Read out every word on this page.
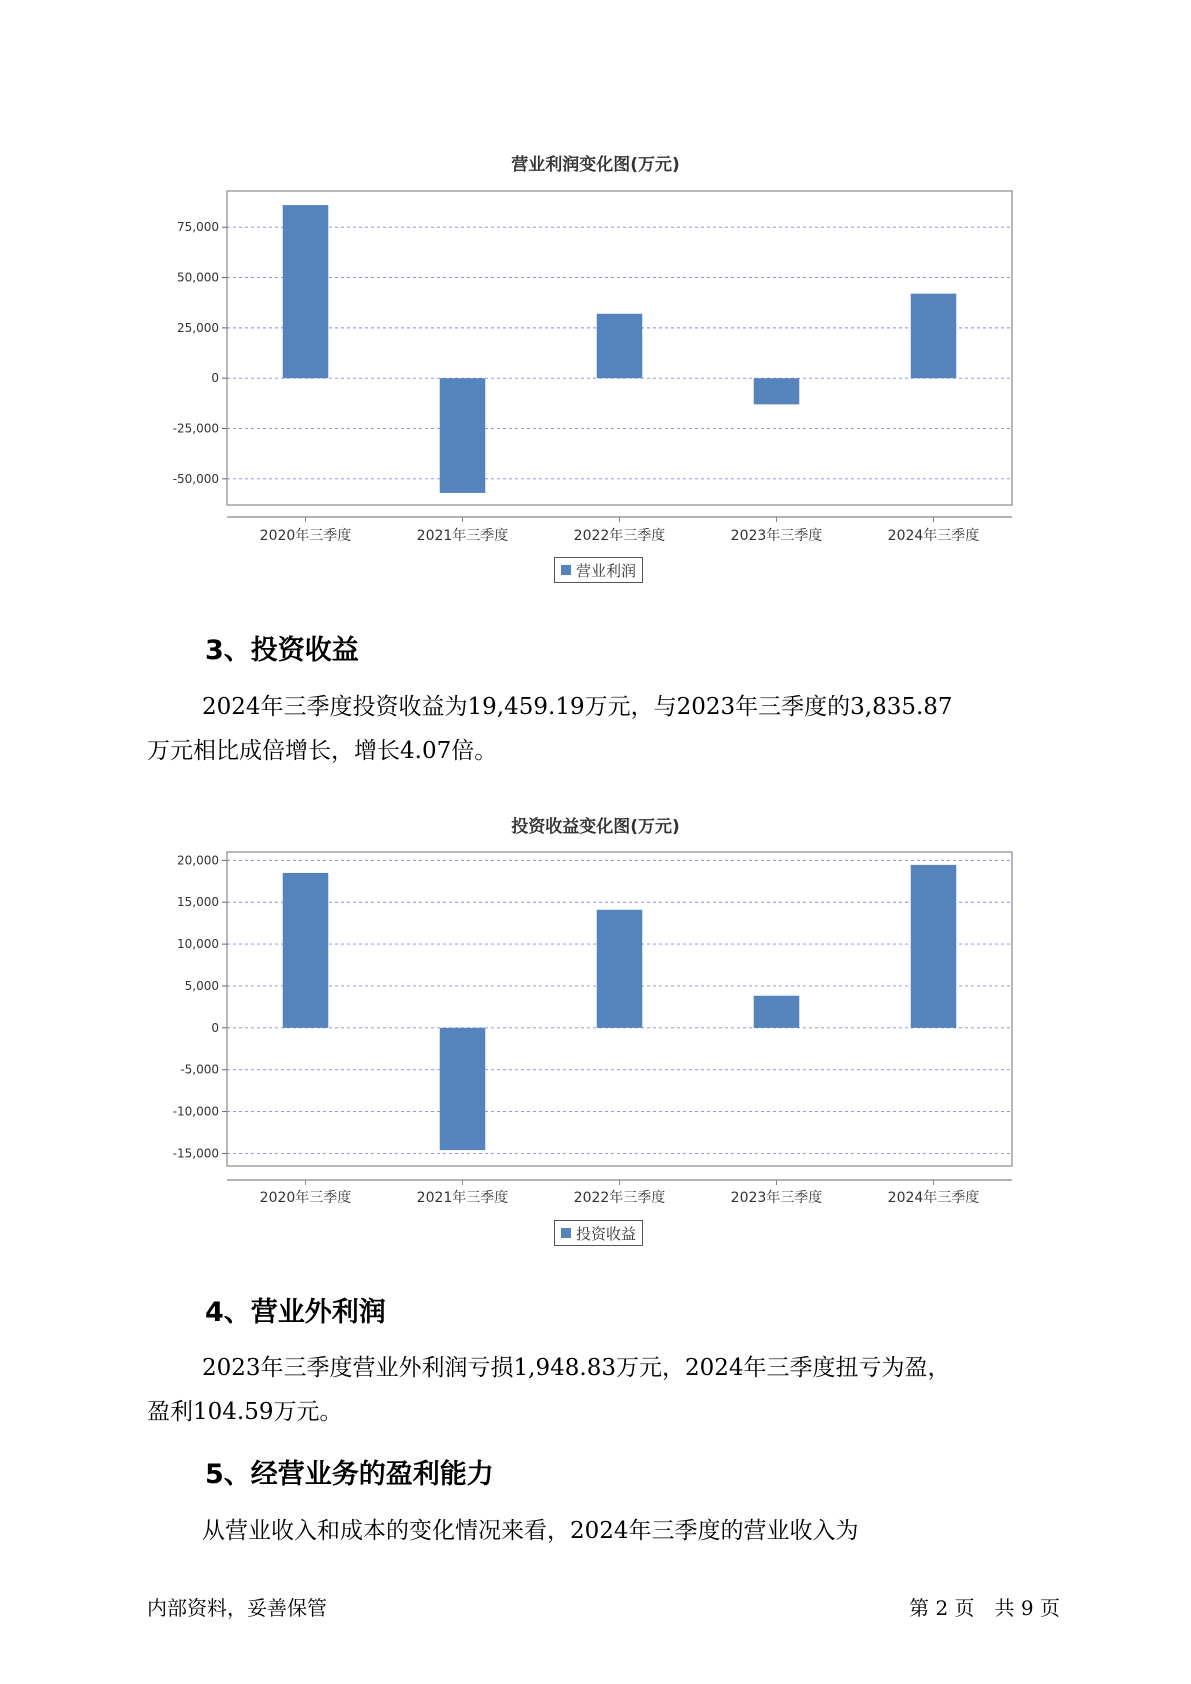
营业利润变化图(万元)
-50,000
-25,000
0
25,000
50,000
75,000
2020年三季度	2021年三季度	2022年三季度	2023年三季度	2024年三季度
营业利润
3、投资收益
2024年三季度投资收益为19,459.19万元，与2023年三季度的3,835.87
万元相比成倍增长，增长4.07倍。
投资收益变化图(万元)
-15,000
-10,000
-5,000
0
5,000
10,000
15,000
20,000
2020年三季度	2021年三季度	2022年三季度	2023年三季度	2024年三季度
投资收益
4、营业外利润
2023年三季度营业外利润亏损1,948.83万元，2024年三季度扭亏为盈，
盈利104.59万元。
5、经营业务的盈利能力
从营业收入和成本的变化情况来看，2024年三季度的营业收入为
内部资料，妥善保管	第 2 页　共 9 页
